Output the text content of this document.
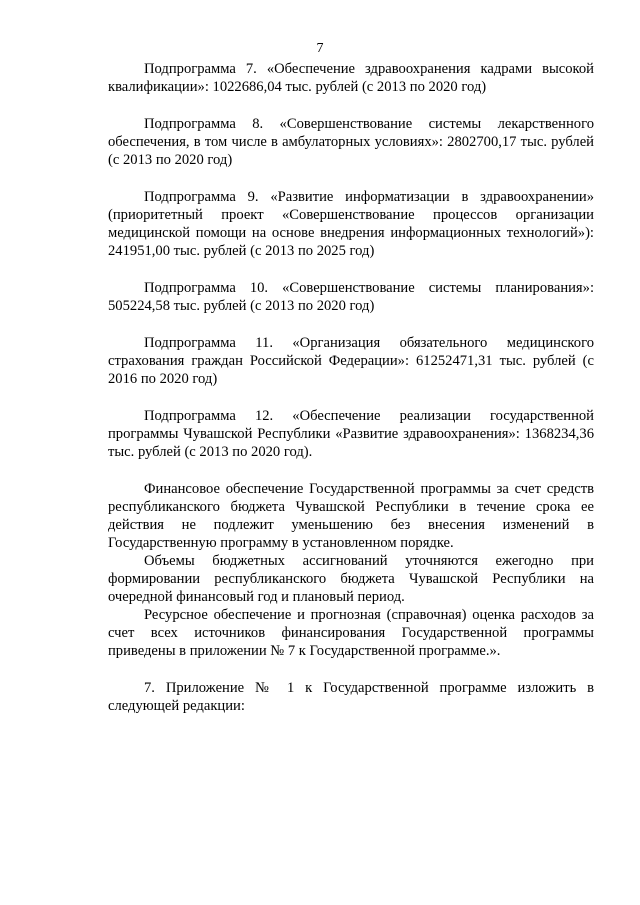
7

Подпрограмма 7. «Обеспечение здравоохранения кадрами высокой квалификации»: 1022686,04 тыс. рублей (с 2013 по 2020 год)

Подпрограмма 8. «Совершенствование системы лекарственного обеспечения, в том числе в амбулаторных условиях»: 2802700,17 тыс. рублей (с 2013 по 2020 год)

Подпрограмма 9. «Развитие информатизации в здравоохранении» (приоритетный проект «Совершенствование процессов организации медицинской помощи на основе внедрения информационных технологий»): 241951,00 тыс. рублей (с 2013 по 2025 год)

Подпрограмма 10. «Совершенствование системы планирования»: 505224,58 тыс. рублей (с 2013 по 2020 год)

Подпрограмма 11. «Организация обязательного медицинского страхования граждан Российской Федерации»: 61252471,31 тыс. рублей (с 2016 по 2020 год)

Подпрограмма 12. «Обеспечение реализации государственной программы Чувашской Республики «Развитие здравоохранения»: 1368234,36 тыс. рублей (с 2013 по 2020 год).

Финансовое обеспечение Государственной программы за счет средств республиканского бюджета Чувашской Республики в течение срока ее действия не подлежит уменьшению без внесения изменений в Государственную программу в установленном порядке.

Объемы бюджетных ассигнований уточняются ежегодно при формировании республиканского бюджета Чувашской Республики на очередной финансовый год и плановый период.

Ресурсное обеспечение и прогнозная (справочная) оценка расходов за счет всех источников финансирования Государственной программы приведены в приложении № 7 к Государственной программе.».

7. Приложение № 1 к Государственной программе изложить в следующей редакции:
